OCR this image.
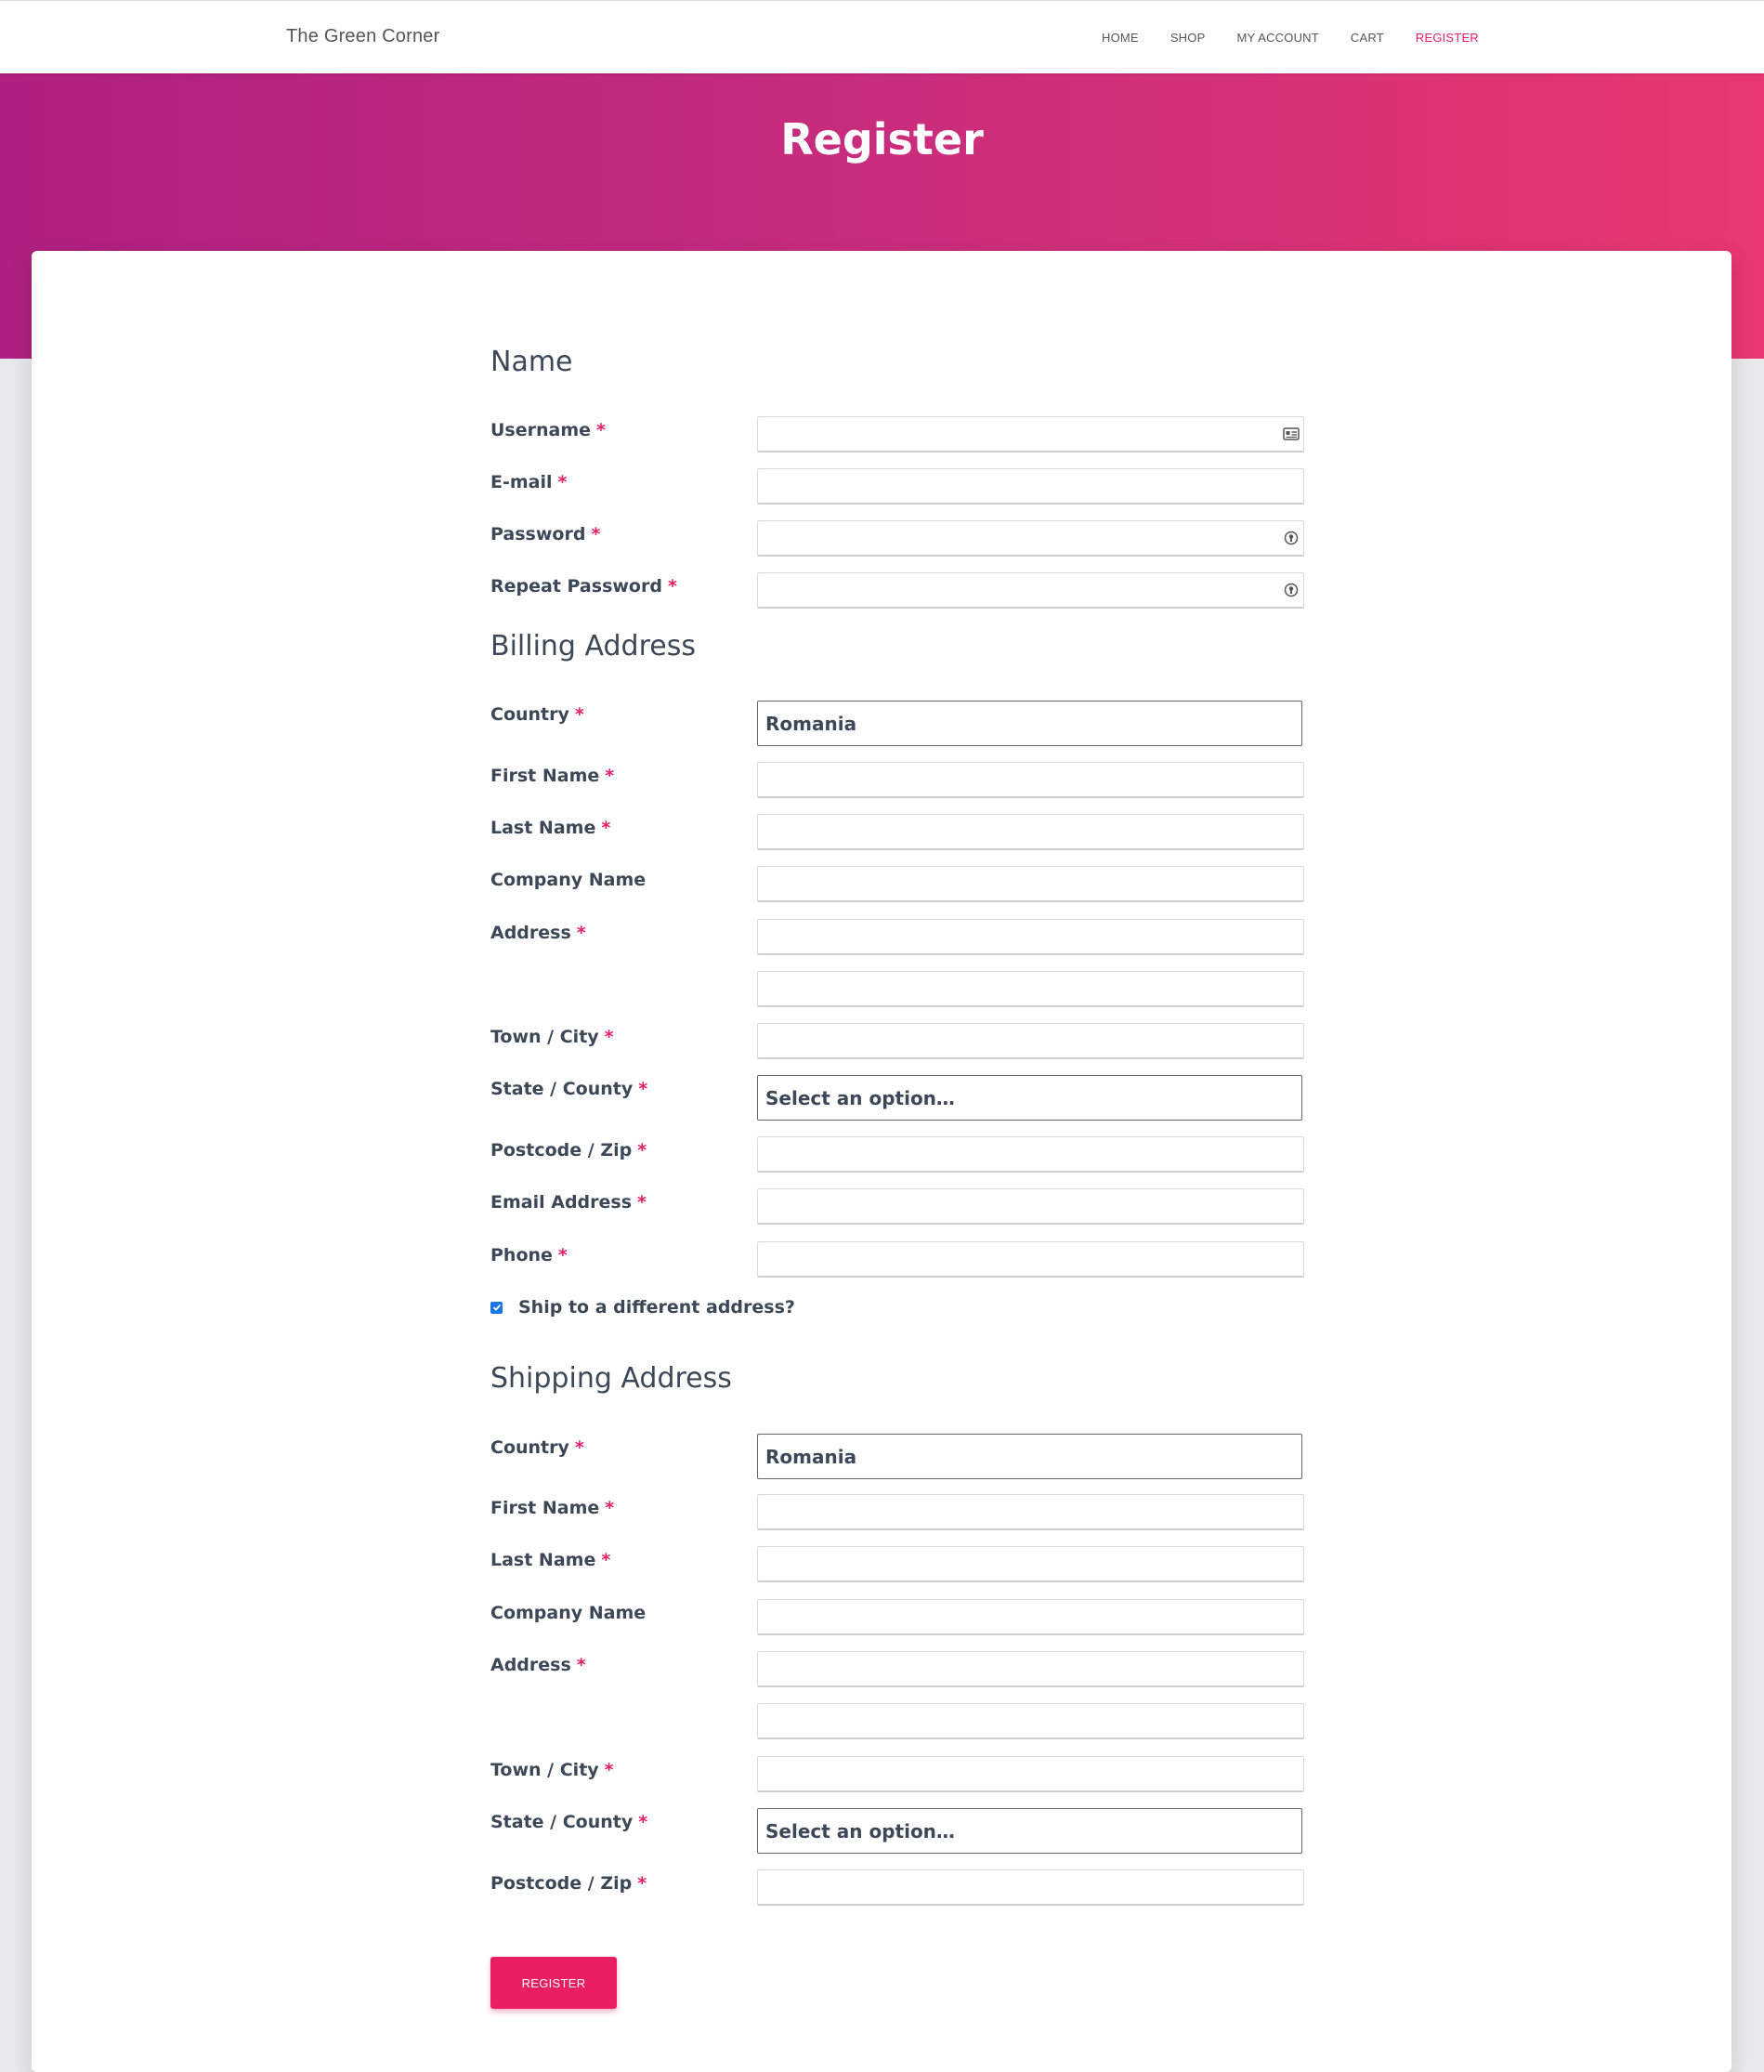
The Green Corner	HOME	SHOP	MY ACCOUNT	CART	REGISTER
Register
Name
Username *
E-mail *
Password *
Repeat Password *
Billing Address
Country *	Romania
First Name *
Last Name *
Company Name
Address *
Town / City *
State / County *	Select an option…
Postcode / Zip *
Email Address *
Phone *
Ship to a different address?
Shipping Address
Country *	Romania
First Name *
Last Name *
Company Name
Address *
Town / City *
State / County *	Select an option…
Postcode / Zip *
REGISTER
